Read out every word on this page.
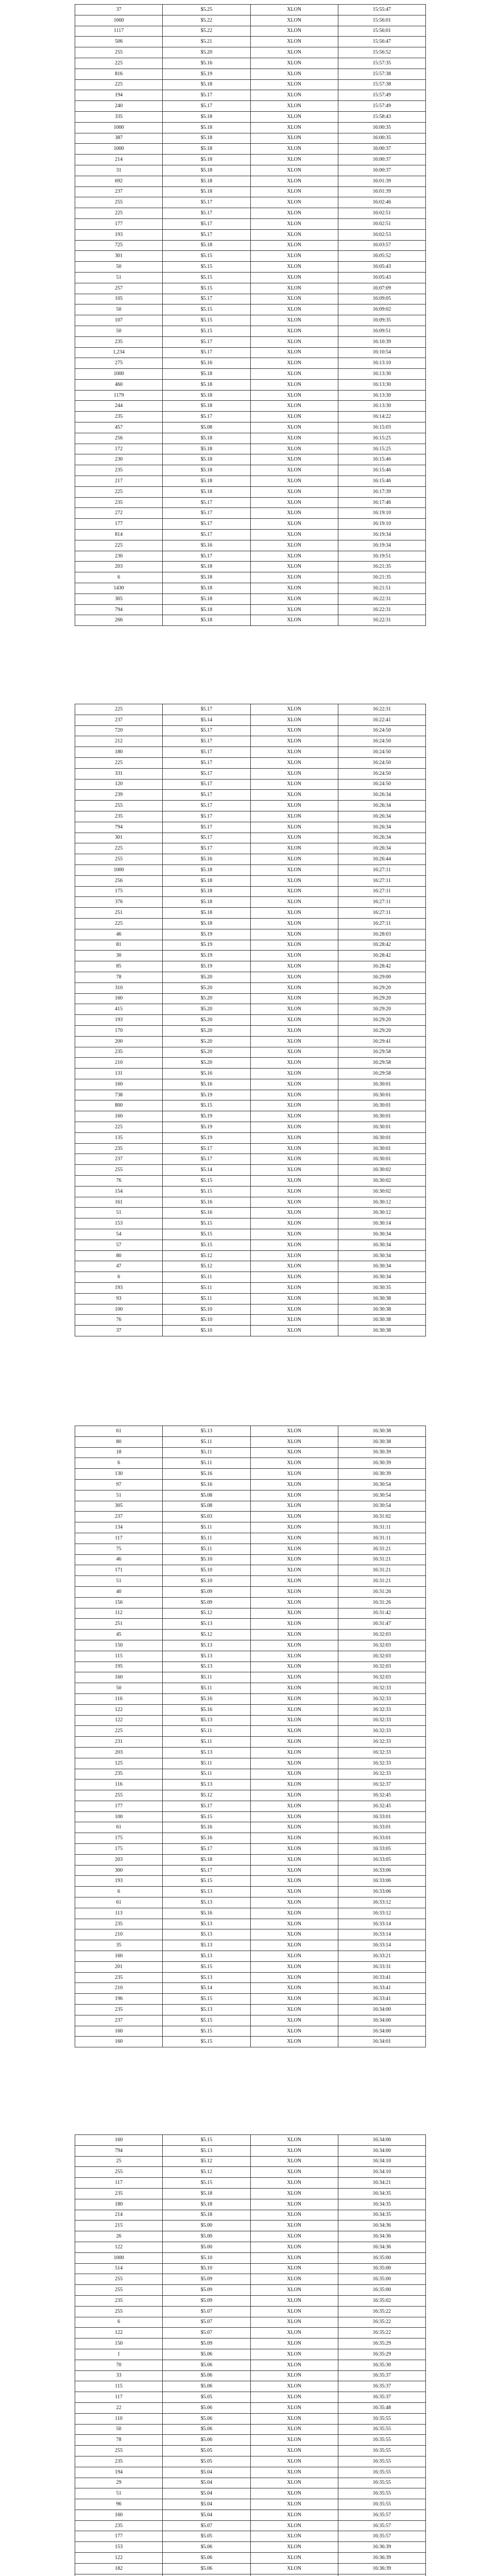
37	$5.25	XLON	15:55:47
1660	$5.22	XLON	15:56:01
1117	$5.22	XLON	15:56:01
506	$5.21	XLON	15:56:47
255	$5.20	XLON	15:56:52
225	$5.16	XLON	15:57:35
816	$5.19	XLON	15:57:38
225	$5.18	XLON	15:57:38
194	$5.17	XLON	15:57:49
240	$5.17	XLON	15:57:49
335	$5.18	XLON	15:58:43
1000	$5.18	XLON	16:00:35
387	$5.18	XLON	16:00:35
1000	$5.18	XLON	16:00:37
214	$5.18	XLON	16:00:37
31	$5.18	XLON	16:00:37
692	$5.18	XLON	16:01:39
237	$5.18	XLON	16:01:39
255	$5.17	XLON	16:02:46
225	$5.17	XLON	16:02:51
177	$5.17	XLON	16:02:51
193	$5.17	XLON	16:02:53
725	$5.18	XLON	16:03:57
301	$5.15	XLON	16:05:52
50	$5.15	XLON	16:05:43
51	$5.15	XLON	16:05:43
257	$5.15	XLON	16:07:09
105	$5.17	XLON	16:09:05
50	$5.15	XLON	16:09:02
107	$5.15	XLON	16:09:35
50	$5.15	XLON	16:09:51
235	$5.17	XLON	16:10:39
1,234	$5.17	XLON	16:10:54
275	$5.16	XLON	16:13:10
1000	$5.18	XLON	16:13:30
460	$5.18	XLON	16:13:30
1179	$5.18	XLON	16:13:30
244	$5.18	XLON	16:13:30
235	$5.17	XLON	16:14:22
457	$5.08	XLON	16:15:03
256	$5.18	XLON	16:15:25
172	$5.18	XLON	16:15:25
230	$5.18	XLON	16:15:46
235	$5.18	XLON	16:15:46
217	$5.18	XLON	16:15:46
225	$5.18	XLON	16:17:39
235	$5.17	XLON	16:17:46
272	$5.17	XLON	16:19:10
177	$5.17	XLON	16:19:10
814	$5.17	XLON	16:19:34
225	$5.16	XLON	16:19:34
230	$5.17	XLON	16:19:51
203	$5.18	XLON	16:21:35
6	$5.18	XLON	16:21:35
1430	$5.18	XLON	16:21:51
305	$5.18	XLON	16:22:31
794	$5.18	XLON	16:22:31
266	$5.18	XLON	16:22:31
225	$5.17	XLON	16:22:31
237	$5.14	XLON	16:22:41
720	$5.17	XLON	16:24:50
212	$5.17	XLON	16:24:50
180	$5.17	XLON	16:24:50
225	$5.17	XLON	16:24:50
331	$5.17	XLON	16:24:50
120	$5.17	XLON	16:24:50
239	$5.17	XLON	16:26:34
255	$5.17	XLON	16:26:34
235	$5.17	XLON	16:26:34
794	$5.17	XLON	16:26:34
301	$5.17	XLON	16:26:34
225	$5.17	XLON	16:26:34
255	$5.16	XLON	16:26:44
1000	$5.18	XLON	16:27:11
256	$5.18	XLON	16:27:11
175	$5.18	XLON	16:27:11
376	$5.18	XLON	16:27:11
251	$5.18	XLON	16:27:11
225	$5.18	XLON	16:27:11
46	$5.19	XLON	16:28:03
81	$5.19	XLON	16:28:42
30	$5.19	XLON	16:28:42
85	$5.19	XLON	16:28:42
78	$5.20	XLON	16:29:00
310	$5.20	XLON	16:29:20
160	$5.20	XLON	16:29:20
415	$5.20	XLON	16:29:20
193	$5.20	XLON	16:29:20
170	$5.20	XLON	16:29:20
200	$5.20	XLON	16:29:41
235	$5.20	XLON	16:29:58
210	$5.20	XLON	16:29:58
131	$5.16	XLON	16:29:58
160	$5.16	XLON	16:30:01
738	$5.19	XLON	16:30:01
800	$5.15	XLON	16:30:01
160	$5.19	XLON	16:30:01
225	$5.19	XLON	16:30:01
135	$5.19	XLON	16:30:01
235	$5.17	XLON	16:30:01
237	$5.17	XLON	16:30:01
255	$5.14	XLON	16:30:02
76	$5.15	XLON	16:30:02
154	$5.15	XLON	16:30:02
161	$5.16	XLON	16:30:12
51	$5.16	XLON	16:30:12
153	$5.15	XLON	16:30:14
54	$5.15	XLON	16:30:34
57	$5.15	XLON	16:30:34
80	$5.12	XLON	16:30:34
47	$5.12	XLON	16:30:34
6	$5.11	XLON	16:30:34
193	$5.11	XLON	16:30:35
93	$5.11	XLON	16:30:38
100	$5.10	XLON	16:30:38
76	$5.10	XLON	16:30:38
37	$5.10	XLON	16:30:38
61	$5.13	XLON	16:30:38
80	$5.11	XLON	16:30:38
18	$5.11	XLON	16:30:39
6	$5.11	XLON	16:30:39
130	$5.16	XLON	16:30:39
97	$5.16	XLON	16:30:54
51	$5.08	XLON	16:30:54
305	$5.08	XLON	16:30:54
237	$5.03	XLON	16:31:02
134	$5.11	XLON	16:31:11
117	$5.11	XLON	16:31:11
75	$5.11	XLON	16:31:21
46	$5.10	XLON	16:31:21
171	$5.10	XLON	16:31:21
51	$5.10	XLON	16:31:21
40	$5.09	XLON	16:31:26
156	$5.09	XLON	16:31:26
112	$5.12	XLON	16:31:42
251	$5.13	XLON	16:31:47
45	$5.12	XLON	16:32:03
150	$5.13	XLON	16:32:03
115	$5.13	XLON	16:32:03
195	$5.13	XLON	16:32:03
160	$5.11	XLON	16:32:03
50	$5.11	XLON	16:32:33
116	$5.16	XLON	16:32:33
122	$5.16	XLON	16:32:33
122	$5.13	XLON	16:32:33
225	$5.11	XLON	16:32:33
231	$5.11	XLON	16:32:33
203	$5.13	XLON	16:32:33
125	$5.11	XLON	16:32:33
235	$5.11	XLON	16:32:33
116	$5.13	XLON	16:32:37
255	$5.12	XLON	16:32:45
177	$5.17	XLON	16:32:45
100	$5.15	XLON	16:33:01
61	$5.16	XLON	16:33:01
175	$5.16	XLON	16:33:01
175	$5.17	XLON	16:33:05
203	$5.18	XLON	16:33:05
300	$5.17	XLON	16:33:06
193	$5.15	XLON	16:33:06
6	$5.13	XLON	16:33:06
61	$5.13	XLON	16:33:12
113	$5.16	XLON	16:33:12
235	$5.13	XLON	16:33:14
210	$5.13	XLON	16:33:14
35	$5.13	XLON	16:33:14
160	$5.13	XLON	16:33:21
201	$5.15	XLON	16:33:31
235	$5.13	XLON	16:33:41
210	$5.14	XLON	16:33:41
196	$5.15	XLON	16:33:41
235	$5.13	XLON	16:34:00
237	$5.15	XLON	16:34:00
160	$5.15	XLON	16:34:00
160	$5.15	XLON	16:34:01
160	$5.15	XLON	16:34:00
794	$5.13	XLON	16:34:00
25	$5.12	XLON	16:34:10
255	$5.12	XLON	16:34:10
117	$5.15	XLON	16:34:21
235	$5.18	XLON	16:34:35
180	$5.18	XLON	16:34:35
214	$5.18	XLON	16:34:35
215	$5.00	XLON	16:34:36
26	$5.00	XLON	16:34:36
122	$5.00	XLON	16:34:36
1000	$5.10	XLON	16:35:00
514	$5.10	XLON	16:35:00
255	$5.09	XLON	16:35:00
255	$5.09	XLON	16:35:00
235	$5.09	XLON	16:35:02
255	$5.07	XLON	16:35:22
6	$5.07	XLON	16:35:22
122	$5.07	XLON	16:35:22
150	$5.09	XLON	16:35:29
1	$5.06	XLON	16:35:29
70	$5.06	XLON	16:35:30
33	$5.06	XLON	16:35:37
115	$5.06	XLON	16:35:37
117	$5.05	XLON	16:35:37
22	$5.06	XLON	16:35:48
110	$5.06	XLON	16:35:55
50	$5.06	XLON	16:35:55
78	$5.06	XLON	16:35:55
255	$5.05	XLON	16:35:55
235	$5.05	XLON	16:35:55
194	$5.04	XLON	16:35:55
29	$5.04	XLON	16:35:55
51	$5.04	XLON	16:35:55
96	$5.04	XLON	16:35:55
160	$5.04	XLON	16:35:57
235	$5.07	XLON	16:35:57
177	$5.05	XLON	16:35:57
153	$5.06	XLON	16:36:39
122	$5.06	XLON	16:36:39
182	$5.06	XLON	16:36:39
